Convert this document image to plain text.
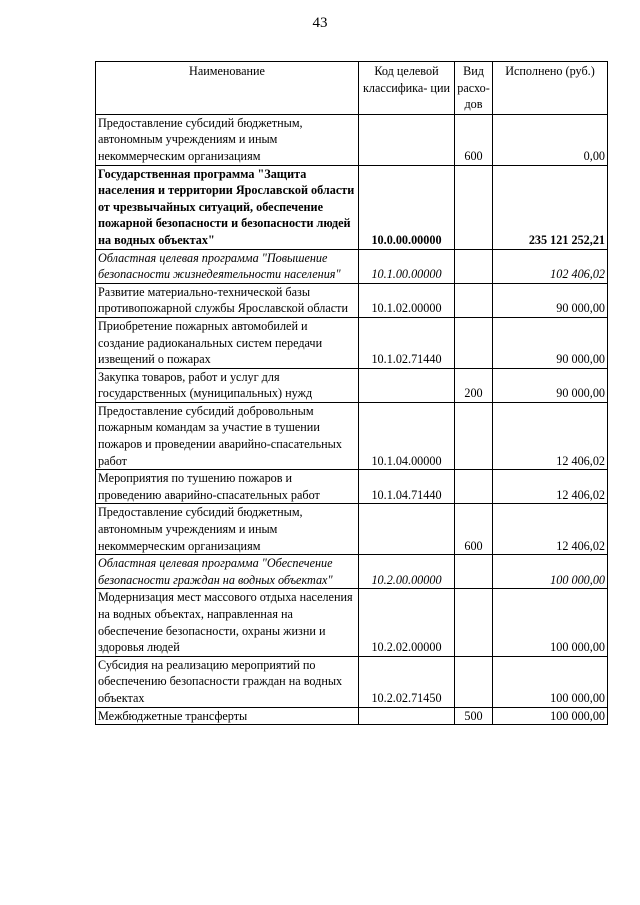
43
Наименование	Код целевой классифика- ции	Вид расхо- дов	Исполнено (руб.)
Предоставление субсидий бюджетным, автономным учреждениям и иным некоммерческим организациям		600	0,00
Государственная программа "Защита населения и территории Ярославской области от чрезвычайных ситуаций, обеспечение пожарной безопасности и безопасности людей на водных объектах"	10.0.00.00000		235 121 252,21
Областная целевая программа "Повышение безопасности жизнедеятельности населения"	10.1.00.00000		102 406,02
Развитие материально-технической базы противопожарной службы Ярославской области	10.1.02.00000		90 000,00
Приобретение пожарных автомобилей и создание радиоканальных систем передачи извещений о пожарах	10.1.02.71440		90 000,00
Закупка товаров, работ и услуг для государственных (муниципальных) нужд		200	90 000,00
Предоставление субсидий добровольным пожарным командам за участие в тушении пожаров и проведении аварийно-спасательных работ	10.1.04.00000		12 406,02
Мероприятия по тушению пожаров и проведению аварийно-спасательных работ	10.1.04.71440		12 406,02
Предоставление субсидий бюджетным, автономным учреждениям и иным некоммерческим организациям		600	12 406,02
Областная целевая программа "Обеспечение безопасности граждан на водных объектах"	10.2.00.00000		100 000,00
Модернизация мест массового отдыха населения на водных объектах, направленная на обеспечение безопасности, охраны жизни и здоровья людей	10.2.02.00000		100 000,00
Субсидия на реализацию мероприятий по обеспечению безопасности граждан на водных объектах	10.2.02.71450		100 000,00
Межбюджетные трансферты		500	100 000,00
